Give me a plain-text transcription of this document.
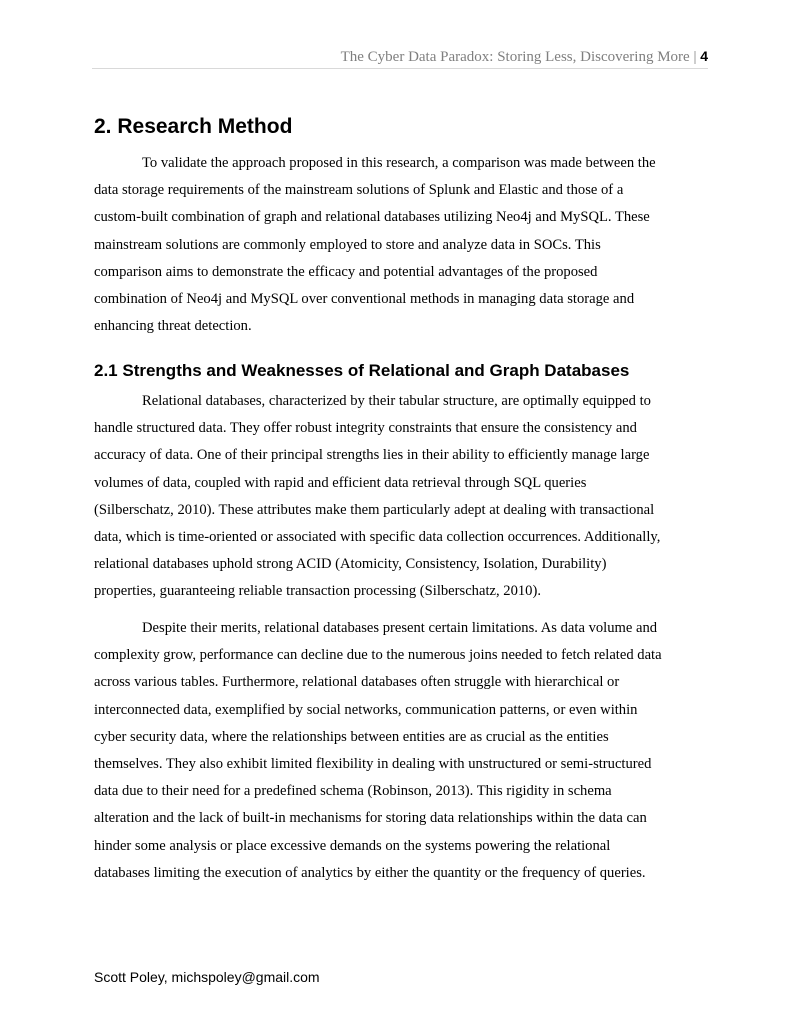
The Cyber Data Paradox: Storing Less, Discovering More | 4
2. Research Method

To validate the approach proposed in this research, a comparison was made between the
data storage requirements of the mainstream solutions of Splunk and Elastic and those of a
custom-built combination of graph and relational databases utilizing Neo4j and MySQL. These
mainstream solutions are commonly employed to store and analyze data in SOCs. This
comparison aims to demonstrate the efficacy and potential advantages of the proposed
combination of Neo4j and MySQL over conventional methods in managing data storage and
enhancing threat detection.

2.1 Strengths and Weaknesses of Relational and Graph Databases

Relational databases, characterized by their tabular structure, are optimally equipped to
handle structured data. They offer robust integrity constraints that ensure the consistency and
accuracy of data. One of their principal strengths lies in their ability to efficiently manage large
volumes of data, coupled with rapid and efficient data retrieval through SQL queries
(Silberschatz, 2010). These attributes make them particularly adept at dealing with transactional
data, which is time-oriented or associated with specific data collection occurrences. Additionally,
relational databases uphold strong ACID (Atomicity, Consistency, Isolation, Durability)
properties, guaranteeing reliable transaction processing (Silberschatz, 2010).

Despite their merits, relational databases present certain limitations. As data volume and
complexity grow, performance can decline due to the numerous joins needed to fetch related data
across various tables. Furthermore, relational databases often struggle with hierarchical or
interconnected data, exemplified by social networks, communication patterns, or even within
cyber security data, where the relationships between entities are as crucial as the entities
themselves. They also exhibit limited flexibility in dealing with unstructured or semi-structured
data due to their need for a predefined schema (Robinson, 2013). This rigidity in schema
alteration and the lack of built-in mechanisms for storing data relationships within the data can
hinder some analysis or place excessive demands on the systems powering the relational
databases limiting the execution of analytics by either the quantity or the frequency of queries.

Scott Poley, michspoley@gmail.com
